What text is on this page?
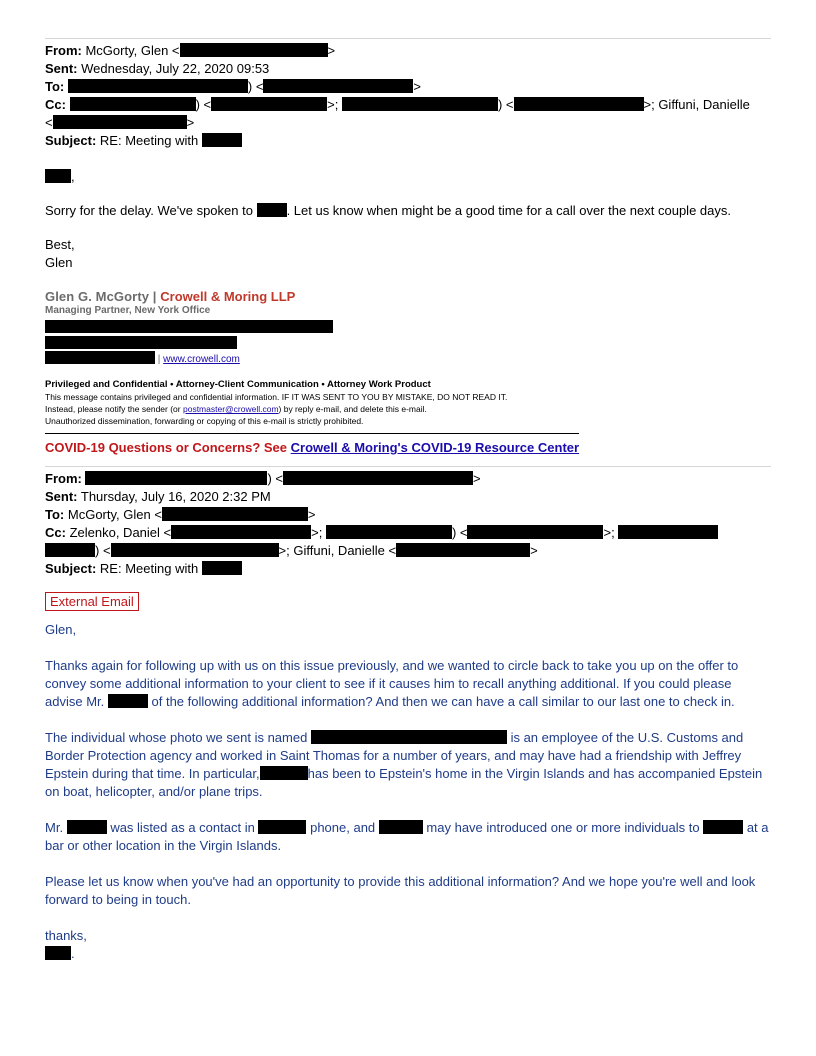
From: McGorty, Glen <	>
Sent: Wednesday, July 22, 2020 09:53
To:	) <	>
Cc:	) <	>;	) <	>; Giffuni, Danielle
<	>
Subject: RE: Meeting with
,
Sorry for the delay. We've spoken to	. Let us know when might be a good time for a call over the next couple days.
Best,
Glen
Glen G. McGorty | Crowell & Moring LLP
Managing Partner, New York Office
| www.crowell.com
Privileged and Confidential • Attorney-Client Communication • Attorney Work Product
This message contains privileged and confidential information. IF IT WAS SENT TO YOU BY MISTAKE, DO NOT READ IT.
Instead, please notify the sender (or postmaster@crowell.com) by reply e-mail, and delete this e-mail.
Unauthorized dissemination, forwarding or copying of this e-mail is strictly prohibited.
COVID-19 Questions or Concerns? See Crowell & Moring's COVID-19 Resource Center
From:	) <	>
Sent: Thursday, July 16, 2020 2:32 PM
To: McGorty, Glen <	>
Cc: Zelenko, Daniel <	>;	) <	>;
) <	>; Giffuni, Danielle <	>
Subject: RE: Meeting with
External Email
Glen,
Thanks again for following up with us on this issue previously, and we wanted to circle back to take you up on the offer to convey some additional information to your client to see if it causes him to recall anything additional. If you could please advise Mr.	of the following additional information? And then we can have a call similar to our last one to check in.
The individual whose photo we sent is named	is an employee of the U.S. Customs and Border Protection agency and worked in Saint Thomas for a number of years, and may have had a friendship with Jeffrey Epstein during that time. In particular,	has been to Epstein's home in the Virgin Islands and has accompanied Epstein on boat, helicopter, and/or plane trips.
Mr.	was listed as a contact in	phone, and	may have introduced one or more individuals to	at a bar or other location in the Virgin Islands.
Please let us know when you've had an opportunity to provide this additional information? And we hope you're well and look forward to being in touch.
thanks,
.
